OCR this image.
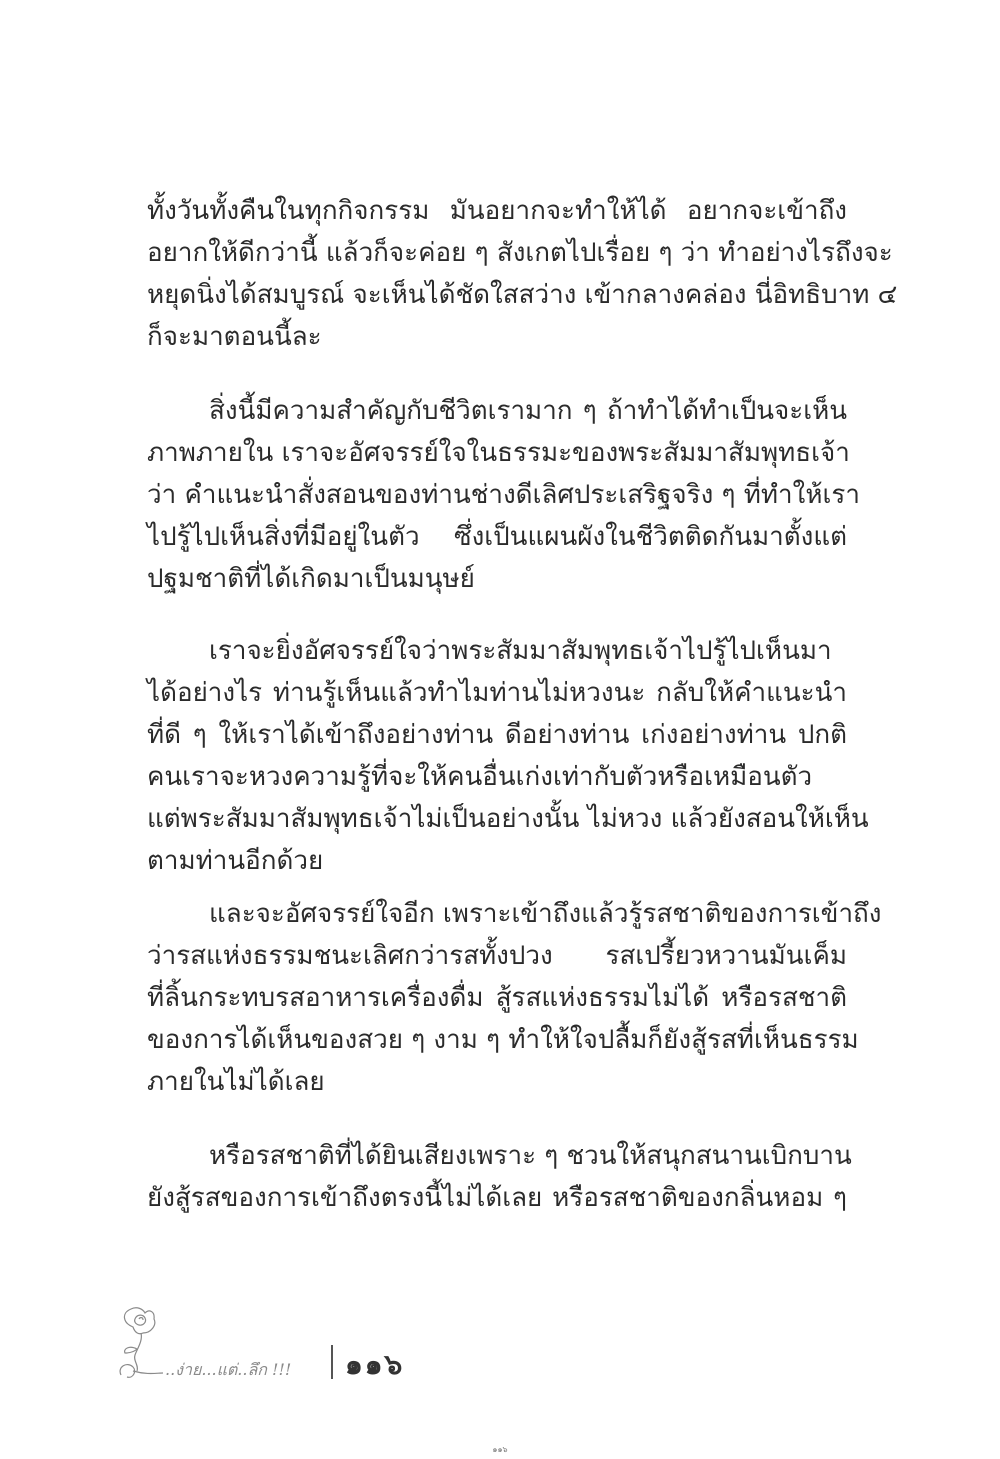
ทั้งวันทั้งคืนในทุกกิจกรรม มันอยากจะทำให้ได้ อยากจะเข้าถึง
อยากให้ดีกว่านี้ แล้วก็จะค่อย ๆ สังเกตไปเรื่อย ๆ ว่า ทำอย่างไรถึงจะ
หยุดนิ่งได้สมบูรณ์ จะเห็นได้ชัดใสสว่าง เข้ากลางคล่อง นี่อิทธิบาท ๔
ก็จะมาตอนนี้ละ
สิ่งนี้มีความสำคัญกับชีวิตเรามาก ๆ ถ้าทำได้ทำเป็นจะเห็น
ภาพภายใน เราจะอัศจรรย์ใจในธรรมะของพระสัมมาสัมพุทธเจ้า
ว่า คำแนะนำสั่งสอนของท่านช่างดีเลิศประเสริฐจริง ๆ ที่ทำให้เรา
ไปรู้ไปเห็นสิ่งที่มีอยู่ในตัว ซึ่งเป็นแผนผังในชีวิตติดกันมาตั้งแต่
ปฐมชาติที่ได้เกิดมาเป็นมนุษย์
เราจะยิ่งอัศจรรย์ใจว่าพระสัมมาสัมพุทธเจ้าไปรู้ไปเห็นมา
ได้อย่างไร ท่านรู้เห็นแล้วทำไมท่านไม่หวงนะ กลับให้คำแนะนำ
ที่ดี ๆ ให้เราได้เข้าถึงอย่างท่าน ดีอย่างท่าน เก่งอย่างท่าน ปกติ
คนเราจะหวงความรู้ที่จะให้คนอื่นเก่งเท่ากับตัวหรือเหมือนตัว
แต่พระสัมมาสัมพุทธเจ้าไม่เป็นอย่างนั้น ไม่หวง แล้วยังสอนให้เห็น
ตามท่านอีกด้วย
และจะอัศจรรย์ใจอีก เพราะเข้าถึงแล้วรู้รสชาติของการเข้าถึง
ว่ารสแห่งธรรมชนะเลิศกว่ารสทั้งปวง รสเปรี้ยวหวานมันเค็ม
ที่ลิ้นกระทบรสอาหารเครื่องดื่ม สู้รสแห่งธรรมไม่ได้ หรือรสชาติ
ของการได้เห็นของสวย ๆ งาม ๆ ทำให้ใจปลื้มก็ยังสู้รสที่เห็นธรรม
ภายในไม่ได้เลย
หรือรสชาติที่ได้ยินเสียงเพราะ ๆ ชวนให้สนุกสนานเบิกบาน
ยังสู้รสของการเข้าถึงตรงนี้ไม่ได้เลย หรือรสชาติของกลิ่นหอม ๆ
..ง่าย...แต่..ลึก !!! ๑๑๖
๑๑๖
